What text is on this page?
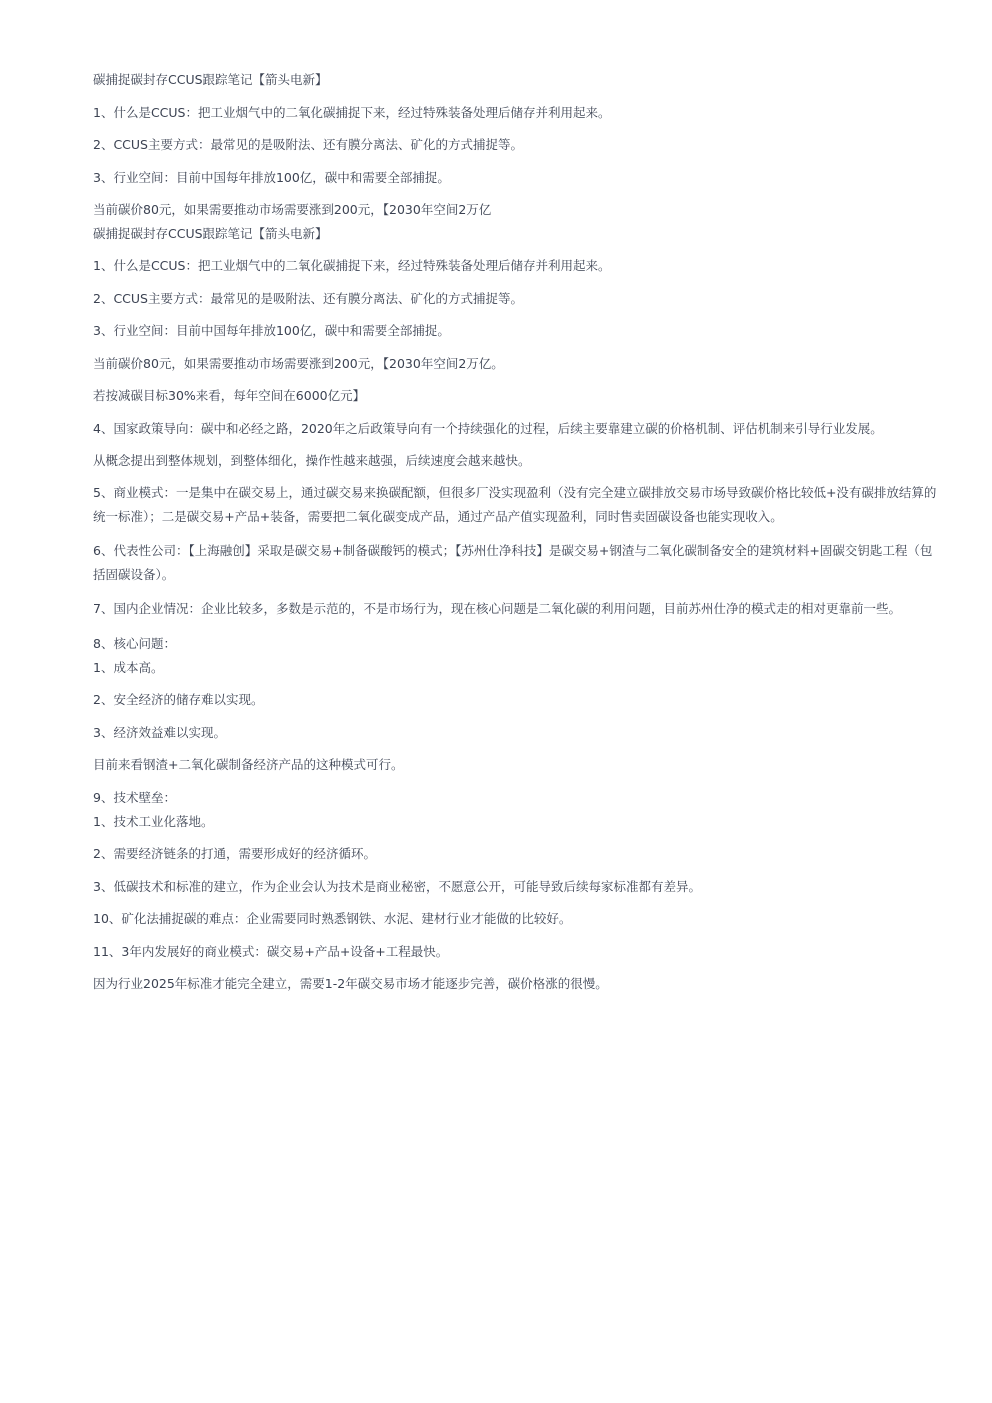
碳捕捉碳封存CCUS跟踪笔记【箭头电新】

1、什么是CCUS：把工业烟气中的二氧化碳捕捉下来，经过特殊装备处理后储存并利用起来。

2、CCUS主要方式：最常见的是吸附法、还有膜分离法、矿化的方式捕捉等。

3、行业空间：目前中国每年排放100亿，碳中和需要全部捕捉。

当前碳价80元，如果需要推动市场需要涨到200元，【2030年空间2万亿

碳捕捉碳封存CCUS跟踪笔记【箭头电新】

1、什么是CCUS：把工业烟气中的二氧化碳捕捉下来，经过特殊装备处理后储存并利用起来。

2、CCUS主要方式：最常见的是吸附法、还有膜分离法、矿化的方式捕捉等。

3、行业空间：目前中国每年排放100亿，碳中和需要全部捕捉。

当前碳价80元，如果需要推动市场需要涨到200元，【2030年空间2万亿。

若按减碳目标30%来看，每年空间在6000亿元】

4、国家政策导向：碳中和必经之路，2020年之后政策导向有一个持续强化的过程，后续主要靠建立碳的价格机制、评估机制来引导行业发展。

从概念提出到整体规划，到整体细化，操作性越来越强，后续速度会越来越快。

5、商业模式：一是集中在碳交易上，通过碳交易来换碳配额，但很多厂没实现盈利（没有完全建立碳排放交易市场导致碳价格比较低+没有碳排放结算的统一标准）；二是碳交易+产品+装备，需要把二氧化碳变成产品，通过产品产值实现盈利，同时售卖固碳设备也能实现收入。

6、代表性公司：【上海融创】采取是碳交易+制备碳酸钙的模式；【苏州仕净科技】是碳交易+钢渣与二氧化碳制备安全的建筑材料+固碳交钥匙工程（包括固碳设备）。

7、国内企业情况：企业比较多，多数是示范的，不是市场行为，现在核心问题是二氧化碳的利用问题，目前苏州仕净的模式走的相对更靠前一些。

8、核心问题：

1、成本高。

2、安全经济的储存难以实现。

3、经济效益难以实现。

目前来看钢渣+二氧化碳制备经济产品的这种模式可行。

9、技术壁垒：

1、技术工业化落地。

2、需要经济链条的打通，需要形成好的经济循环。

3、低碳技术和标准的建立，作为企业会认为技术是商业秘密，不愿意公开，可能导致后续每家标准都有差异。

10、矿化法捕捉碳的难点：企业需要同时熟悉钢铁、水泥、建材行业才能做的比较好。

11、3年内发展好的商业模式：碳交易+产品+设备+工程最快。

因为行业2025年标准才能完全建立，需要1-2年碳交易市场才能逐步完善，碳价格涨的很慢。
